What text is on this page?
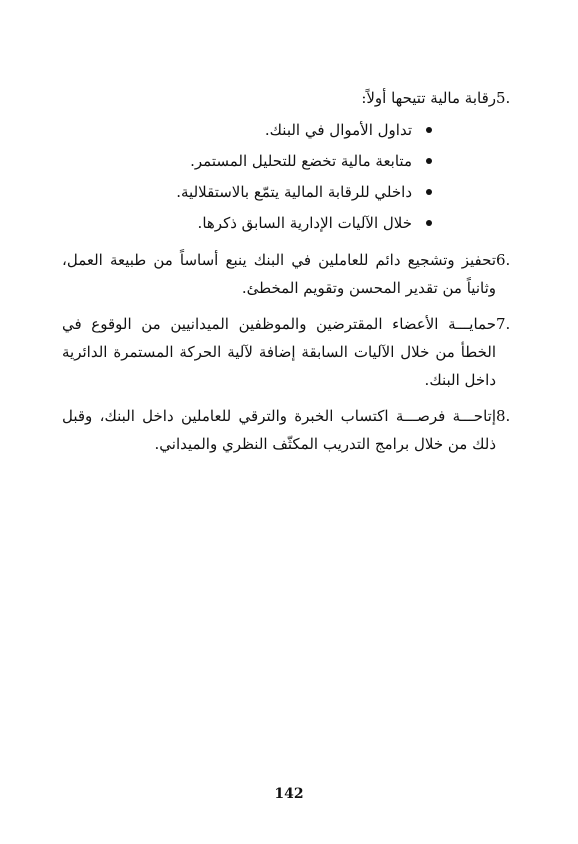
5.
رقابة مالية تتيحها أولاً:
تداول الأموال في البنك.
متابعة مالية تخضع للتحليل المستمر.
داخلي للرقابة المالية يتمّع بالاستقلالية.
خلال الآليات الإدارية السابق ذكرها.
6.
تحفيز وتشجيع دائم للعاملين في البنك ينبع أساساً من طبيعة العمل، وثانياً من تقدير المحسن وتقويم المخطئ.
7.
حمايـــة الأعضاء المقترضين والموظفين الميدانيين من الوقوع في الخطأ من خلال الآليات السابقة إضافة لآلية الحركة المستمرة الدائرية داخل البنك.
8.
إتاحـــة فرصـــة اكتساب الخبرة والترقي للعاملين داخل البنك، وقبل ذلك من خلال برامج التدريب المكثّف النظري والميداني.
142
